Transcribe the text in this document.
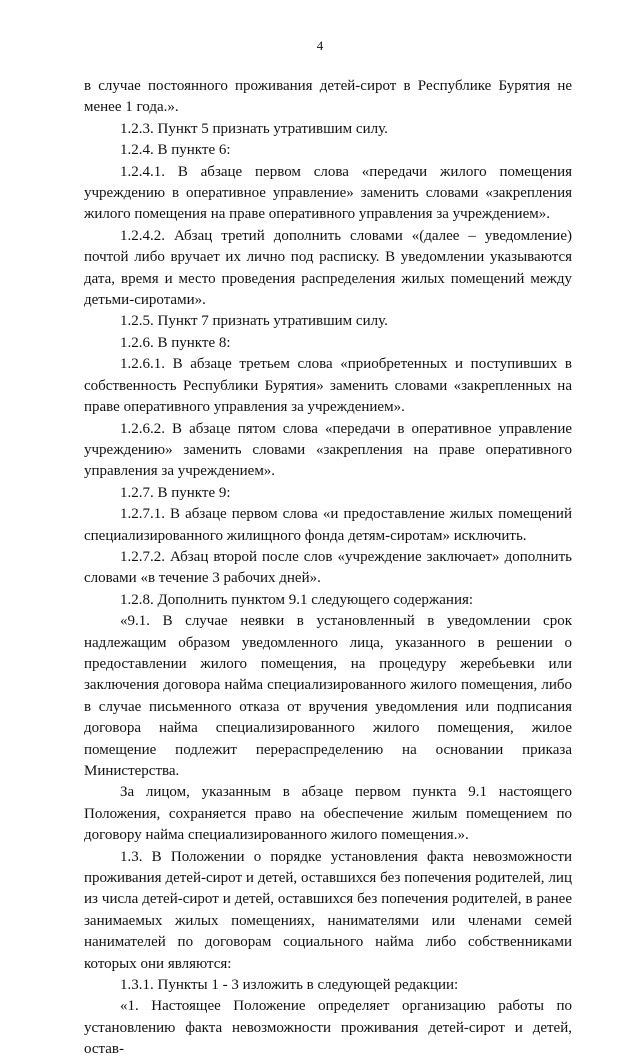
4

в случае постоянного проживания детей-сирот в Республике Бурятия не менее 1 года.».

1.2.3. Пункт 5 признать утратившим силу.

1.2.4. В пункте 6:

1.2.4.1. В абзаце первом слова «передачи жилого помещения учреждению в оперативное управление» заменить словами «закрепления жилого помещения на праве оперативного управления за учреждением».

1.2.4.2. Абзац третий дополнить словами «(далее – уведомление) почтой либо вручает их лично под расписку. В уведомлении указываются дата, время и место проведения распределения жилых помещений между детьми-сиротами».

1.2.5. Пункт 7 признать утратившим силу.

1.2.6. В пункте 8:

1.2.6.1. В абзаце третьем слова «приобретенных и поступивших в собственность Республики Бурятия» заменить словами «закрепленных на праве оперативного управления за учреждением».

1.2.6.2. В абзаце пятом слова «передачи в оперативное управление учреждению» заменить словами «закрепления на праве оперативного управления за учреждением».

1.2.7. В пункте 9:

1.2.7.1. В абзаце первом слова «и предоставление жилых помещений специализированного жилищного фонда детям-сиротам» исключить.

1.2.7.2. Абзац второй после слов «учреждение заключает» дополнить словами «в течение 3 рабочих дней».

1.2.8. Дополнить пунктом 9.1 следующего содержания:

«9.1. В случае неявки в установленный в уведомлении срок надлежащим образом уведомленного лица, указанного в решении о предоставлении жилого помещения, на процедуру жеребьевки или заключения договора найма специализированного жилого помещения, либо в случае письменного отказа от вручения уведомления или подписания договора найма специализированного жилого помещения, жилое помещение подлежит перераспределению на основании приказа Министерства.

За лицом, указанным в абзаце первом пункта 9.1 настоящего Положения, сохраняется право на обеспечение жилым помещением по договору найма специализированного жилого помещения.».

1.3. В Положении о порядке установления факта невозможности проживания детей-сирот и детей, оставшихся без попечения родителей, лиц из числа детей-сирот и детей, оставшихся без попечения родителей, в ранее занимаемых жилых помещениях, нанимателями или членами семей нанимателей по договорам социального найма либо собственниками которых они являются:

1.3.1. Пункты 1 - 3 изложить в следующей редакции:

«1. Настоящее Положение определяет организацию работы по установлению факта невозможности проживания детей-сирот и детей, остав-
